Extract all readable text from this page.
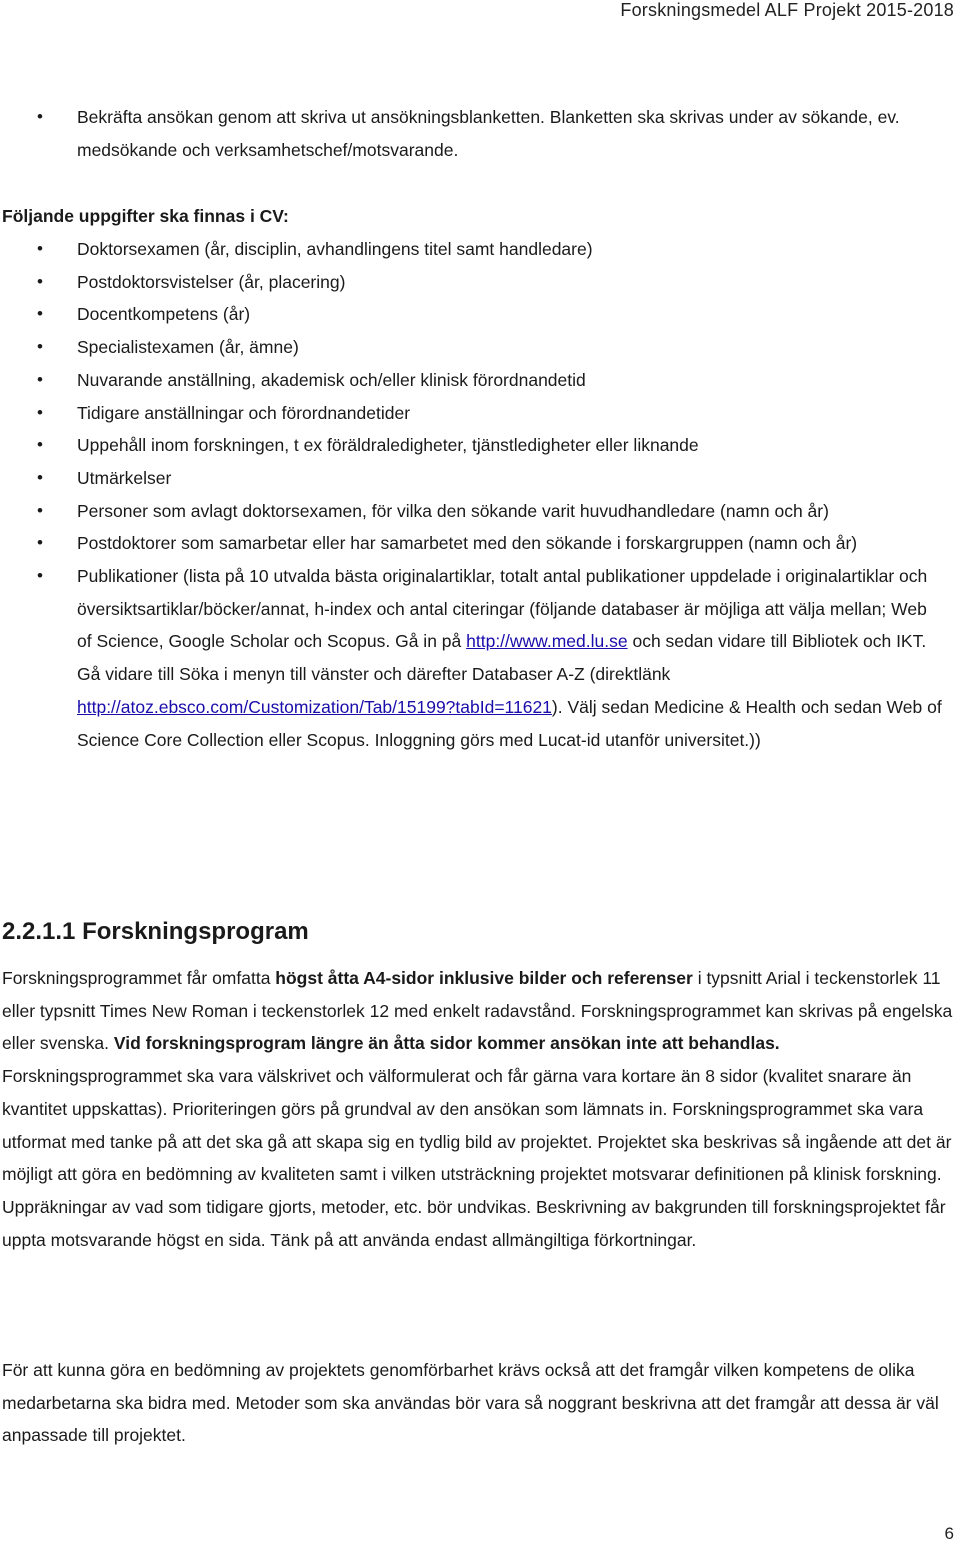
Forskningsmedel ALF Projekt 2015-2018
• Bekräfta ansökan genom att skriva ut ansökningsblanketten. Blanketten ska skrivas under av sökande, ev. medsökande och verksamhetschef/motsvarande.
Följande uppgifter ska finnas i CV:
• Doktorsexamen (år, disciplin, avhandlingens titel samt handledare)
• Postdoktorsvistelser (år, placering)
• Docentkompetens (år)
• Specialistexamen (år, ämne)
• Nuvarande anställning, akademisk och/eller klinisk förordnandetid
• Tidigare anställningar och förordnandetider
• Uppehåll inom forskningen, t ex föräldraledigheter, tjänstledigheter eller liknande
• Utmärkelser
• Personer som avlagt doktorsexamen, för vilka den sökande varit huvudhandledare (namn och år)
• Postdoktorer som samarbetar eller har samarbetet med den sökande i forskargruppen (namn och år)
• Publikationer (lista på 10 utvalda bästa originalartiklar, totalt antal publikationer uppdelade i originalartiklar och översiktsartiklar/böcker/annat, h-index och antal citeringar (följande databaser är möjliga att välja mellan; Web of Science, Google Scholar och Scopus. Gå in på http://www.med.lu.se och sedan vidare till Bibliotek och IKT. Gå vidare till Söka i menyn till vänster och därefter Databaser A-Z (direktlänk http://atoz.ebsco.com/Customization/Tab/15199?tabId=11621). Välj sedan Medicine & Health och sedan Web of Science Core Collection eller Scopus. Inloggning görs med Lucat-id utanför universitet.))
2.2.1.1 Forskningsprogram

Forskningsprogrammet får omfatta högst åtta A4-sidor inklusive bilder och referenser i typsnitt Arial i teckenstorlek 11 eller typsnitt Times New Roman i teckenstorlek 12 med enkelt radavstånd. Forskningsprogrammet kan skrivas på engelska eller svenska. Vid forskningsprogram längre än åtta sidor kommer ansökan inte att behandlas. Forskningsprogrammet ska vara välskrivet och välformulerat och får gärna vara kortare än 8 sidor (kvalitet snarare än kvantitet uppskattas). Prioriteringen görs på grundval av den ansökan som lämnats in. Forskningsprogrammet ska vara utformat med tanke på att det ska gå att skapa sig en tydlig bild av projektet. Projektet ska beskrivas så ingående att det är möjligt att göra en bedömning av kvaliteten samt i vilken utsträckning projektet motsvarar definitionen på klinisk forskning. Uppräkningar av vad som tidigare gjorts, metoder, etc. bör undvikas. Beskrivning av bakgrunden till forskningsprojektet får uppta motsvarande högst en sida. Tänk på att använda endast allmängiltiga förkortningar.

För att kunna göra en bedömning av projektets genomförbarhet krävs också att det framgår vilken kompetens de olika medarbetarna ska bidra med. Metoder som ska användas bör vara så noggrant beskrivna att det framgår att dessa är väl anpassade till projektet.

6
